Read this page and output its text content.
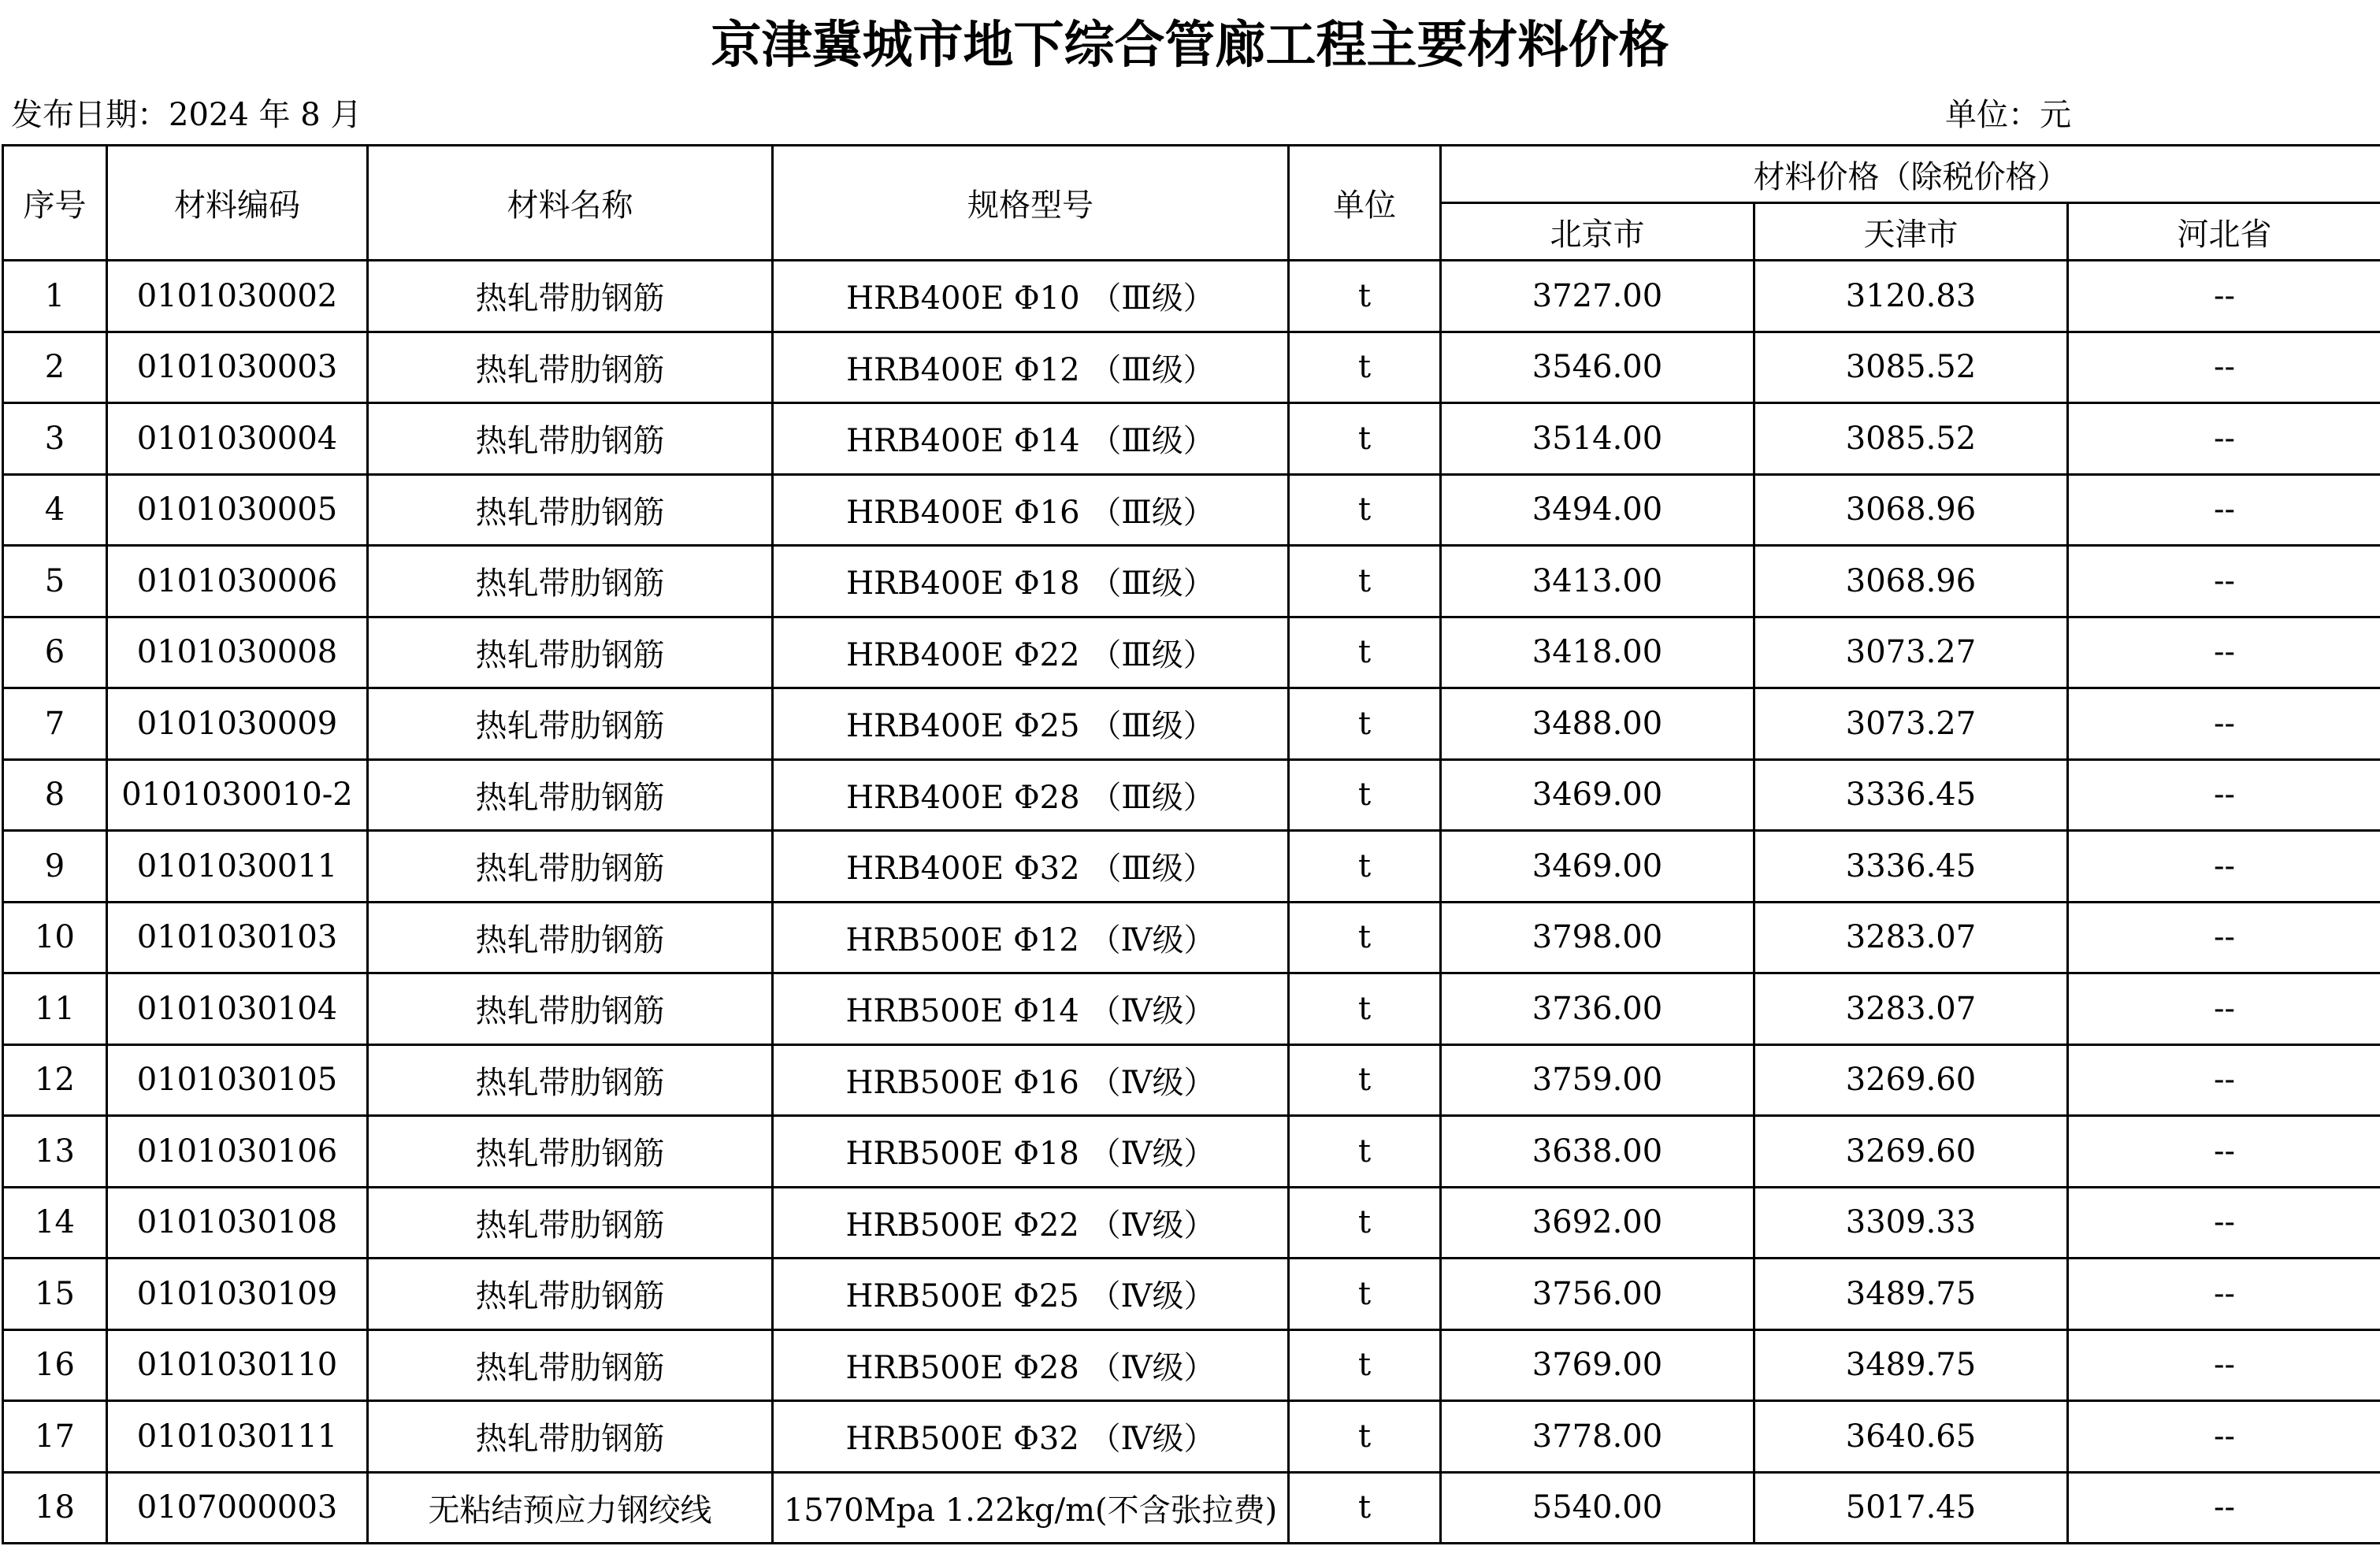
京津冀城市地下综合管廊工程主要材料价格
发布日期：2024 年 8 月	单位：元
序号	材料编码	材料名称	规格型号	单位	材料价格（除税价格）		
					北京市	天津市	河北省
1	0101030002	热轧带肋钢筋	HRB400E Φ10 （Ⅲ级）	t	3727.00	3120.83	--
2	0101030003	热轧带肋钢筋	HRB400E Φ12 （Ⅲ级）	t	3546.00	3085.52	--
3	0101030004	热轧带肋钢筋	HRB400E Φ14 （Ⅲ级）	t	3514.00	3085.52	--
4	0101030005	热轧带肋钢筋	HRB400E Φ16 （Ⅲ级）	t	3494.00	3068.96	--
5	0101030006	热轧带肋钢筋	HRB400E Φ18 （Ⅲ级）	t	3413.00	3068.96	--
6	0101030008	热轧带肋钢筋	HRB400E Φ22 （Ⅲ级）	t	3418.00	3073.27	--
7	0101030009	热轧带肋钢筋	HRB400E Φ25 （Ⅲ级）	t	3488.00	3073.27	--
8	0101030010-2	热轧带肋钢筋	HRB400E Φ28 （Ⅲ级）	t	3469.00	3336.45	--
9	0101030011	热轧带肋钢筋	HRB400E Φ32 （Ⅲ级）	t	3469.00	3336.45	--
10	0101030103	热轧带肋钢筋	HRB500E Φ12 （Ⅳ级）	t	3798.00	3283.07	--
11	0101030104	热轧带肋钢筋	HRB500E Φ14 （Ⅳ级）	t	3736.00	3283.07	--
12	0101030105	热轧带肋钢筋	HRB500E Φ16 （Ⅳ级）	t	3759.00	3269.60	--
13	0101030106	热轧带肋钢筋	HRB500E Φ18 （Ⅳ级）	t	3638.00	3269.60	--
14	0101030108	热轧带肋钢筋	HRB500E Φ22 （Ⅳ级）	t	3692.00	3309.33	--
15	0101030109	热轧带肋钢筋	HRB500E Φ25 （Ⅳ级）	t	3756.00	3489.75	--
16	0101030110	热轧带肋钢筋	HRB500E Φ28 （Ⅳ级）	t	3769.00	3489.75	--
17	0101030111	热轧带肋钢筋	HRB500E Φ32 （Ⅳ级）	t	3778.00	3640.65	--
18	0107000003	无粘结预应力钢绞线	1570Mpa 1.22kg/m(不含张拉费)	t	5540.00	5017.45	--
